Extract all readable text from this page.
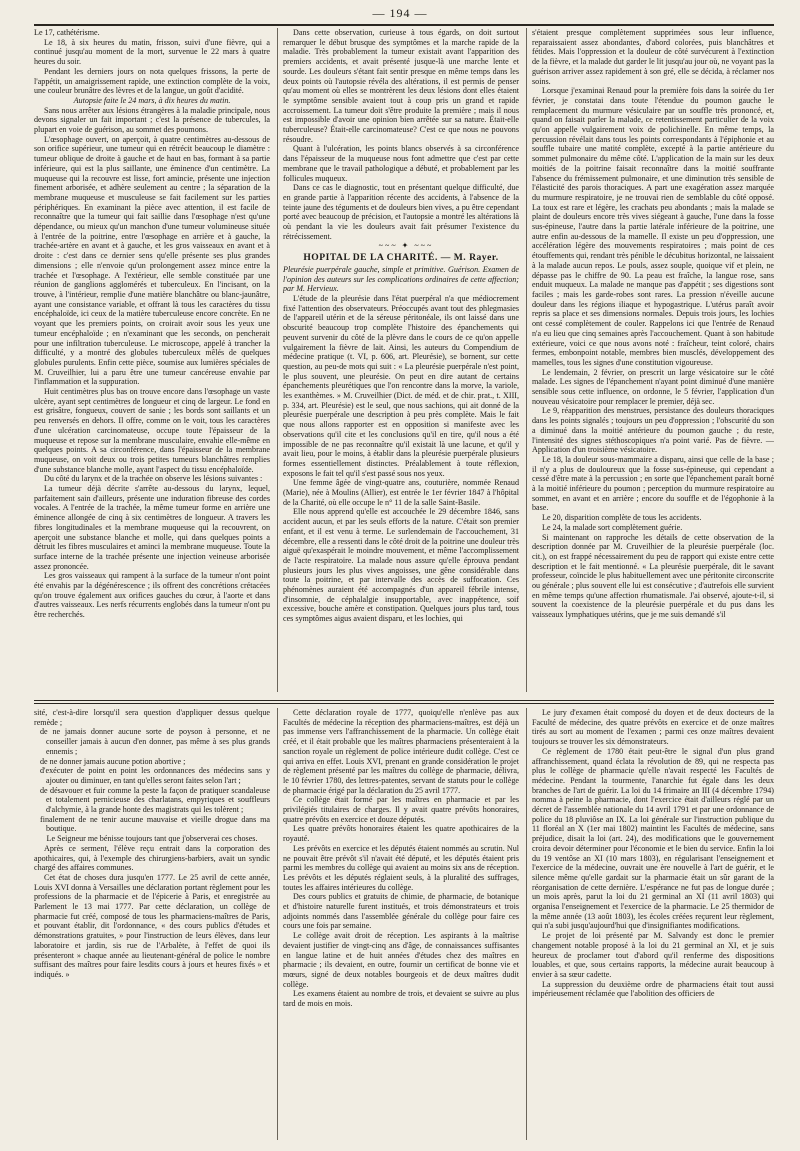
— 194 —

Le 17, cathétérisme.

Le 18, à six heures du matin, frisson, suivi d'une fièvre, qui a continué jusqu'au moment de la mort, survenue le 22 mars à quatre heures du soir.

Pendant les derniers jours on nota quelques frissons, la perte de l'appétit, un amaigrissement rapide, une extinction complète de la voix, une couleur brunâtre des lèvres et de la langue, un goût d'acidité.

Autopsie faite le 24 mars, à dix heures du matin.

Sans nous arrêter aux lésions étrangères à la maladie principale, nous devons signaler un fait important ; c'est la présence de tubercules, la plupart en voie de guérison, au sommet des poumons.

L'œsophage ouvert, on aperçoit, à quatre centimètres au-dessous de son orifice supérieur, une tumeur qui en rétrécit beaucoup le diamètre : tumeur oblique de droite à gauche et de haut en bas, formant à sa partie inférieure, qui est la plus saillante, une éminence d'un centimètre. La muqueuse qui la recouvre est lisse, fort amincie, présente une injection finement arborisée, et adhère seulement au centre ; la séparation de la membrane muqueuse et musculeuse se fait facilement sur les parties périphériques. En examinant la pièce avec attention, il est facile de reconnaître que la tumeur qui fait saillie dans l'œsophage n'est qu'une dépendance, ou mieux qu'un manchon d'une tumeur volumineuse située à l'entrée de la poitrine, entre l'œsophage en arrière et à gauche, la trachée-artère en avant et à gauche, et les gros vaisseaux en avant et à droite : c'est dans ce dernier sens qu'elle présente ses plus grandes dimensions ; elle n'envoie qu'un prolongement assez mince entre la trachée et l'œsophage. A l'extérieur, elle semble constituée par une réunion de ganglions agglomérés et tuberculeux. En l'incisant, on la trouve, à l'intérieur, remplie d'une matière blanchâtre ou blanc-jaunâtre, ayant une consistance variable, et offrant là tous les caractères du tissu encéphaloïde, ici ceux de la matière tuberculeuse encore concrète. En ne voyant que les premiers points, on croirait avoir sous les yeux une tumeur encéphaloïde ; en n'examinant que les seconds, on pencherait pour une infiltration tuberculeuse. Le microscope, appelé à trancher la difficulté, y a montré des globules tuberculeux mêlés de quelques globules purulents. Enfin cette pièce, soumise aux lumières spéciales de M. Cruveilhier, lui a paru être une tumeur cancéreuse envahie par l'inflammation et la suppuration.

Huit centimètres plus bas on trouve encore dans l'œsophage un vaste ulcère, ayant sept centimètres de longueur et cinq de largeur. Le fond en est grisâtre, fongueux, couvert de sanie ; les bords sont saillants et un peu renversés en dehors. Il offre, comme on le voit, tous les caractères d'une ulcération carcinomateuse, occupe toute l'épaisseur de la muqueuse et repose sur la membrane musculaire, envahie elle-même en quelques points. A sa circonférence, dans l'épaisseur de la membrane muqueuse, on voit deux ou trois petites tumeurs blanchâtres remplies d'une substance blanche molle, ayant l'aspect du tissu encéphaloïde.

Du côté du larynx et de la trachée on observe les lésions suivantes :

La tumeur déjà décrite s'arrête au-dessous du larynx, lequel, parfaitement sain d'ailleurs, présente une induration fibreuse des cordes vocales. A l'entrée de la trachée, la même tumeur forme en arrière une éminence allongée de cinq à six centimètres de longueur. A travers les fibres longitudinales et la membrane muqueuse qui la recouvrent, on aperçoit une substance blanche et molle, qui dans quelques points a détruit les fibres musculaires et aminci la membrane muqueuse. Toute la surface interne de la trachée présente une injection veineuse arborisée assez prononcée.

Les gros vaisseaux qui rampent à la surface de la tumeur n'ont point été envahis par la dégénérescence ; ils offrent des concrétions crétacées qu'on trouve également aux orifices gauches du cœur, à l'aorte et dans d'autres vaisseaux. Les nerfs récurrents englobés dans la tumeur n'ont pu être recherchés.

Dans cette observation, curieuse à tous égards, on doit surtout remarquer le début brusque des symptômes et la marche rapide de la maladie. Très probablement la tumeur existait avant l'apparition des premiers accidents, et avait présenté jusque-là une marche lente et sourde. Les douleurs s'étant fait sentir presque en même temps dans les deux points où l'autopsie révéla des altérations, il est permis de penser qu'au moment où elles se montrèrent les deux lésions dont elles étaient le symptôme sensible avaient tout à coup pris un grand et rapide accroissement. La tumeur doit s'être produite la première ; mais il nous est impossible d'avoir une opinion bien arrêtée sur sa nature. Était-elle tuberculeuse? Était-elle carcinomateuse? C'est ce que nous ne pouvons résoudre.

Quant à l'ulcération, les points blancs observés à sa circonférence dans l'épaisseur de la muqueuse nous font admettre que c'est par cette membrane que le travail pathologique a débuté, et probablement par les follicules muqueux.

Dans ce cas le diagnostic, tout en présentant quelque difficulté, due en grande partie à l'apparition récente des accidents, à l'absence de la teinte jaune des téguments et de douleurs bien vives, a pu être cependant porté avec beaucoup de précision, et l'autopsie a montré les altérations là où pendant la vie les douleurs avait fait présumer l'existence du rétrécissement.

~~~ ✦ ~~~

HOPITAL DE LA CHARITÉ. — M. Rayer.

Pleurésie puerpérale gauche, simple et primitive. Guérison. Examen de l'opinion des auteurs sur les complications ordinaires de cette affection; par M. Hervieux.

L'étude de la pleurésie dans l'état puerpéral n'a que médiocrement fixé l'attention des observateurs. Préoccupés avant tout des phlegmasies de l'appareil utérin et de la séreuse péritonéale, ils ont laissé dans une obscurité beaucoup trop complète l'histoire des épanchements qui peuvent survenir du côté de la plèvre dans le cours de ce qu'on appelle vulgairement la fièvre de lait. Ainsi, les auteurs du Compendium de médecine pratique (t. VI, p. 606, art. Pleurésie), se bornent, sur cette question, au peu-de mots qui suit : « La pleurésie puerpérale n'est point, le plus souvent, une pleurésie. On peut en dire autant de certains épanchements pleurétiques que l'on rencontre dans la morve, la variole, les exanthèmes. » M. Cruveilhier (Dict. de méd. et de chir. prat., t. XIII, p. 334, art. Pleurésie) est le seul, que nous sachions, qui ait donné de la pleurésie puerpérale une description à peu près complète. Mais le fait que nous allons rapporter est en opposition si manifeste avec les observations qu'il cite et les conclusions qu'il en tire, qu'il nous a été impossible de ne pas reconnaître qu'il existait là une lacune, et qu'il y avait lieu, pour le moins, à établir dans la pleurésie puerpérale plusieurs formes essentiellement distinctes. Préalablement à toute réflexion, exposons le fait tel qu'il s'est passé sous nos yeux.

Une femme âgée de vingt-quatre ans, couturière, nommée Renaud (Marie), née à Moulins (Allier), est entrée le 1er février 1847 à l'hôpital de la Charité, où elle occupe le n° 11 de la salle Saint-Basile.

Elle nous apprend qu'elle est accouchée le 29 décembre 1846, sans accident aucun, et par les seuls efforts de la nature. C'était son premier enfant, et il est venu à terme. Le surlendemain de l'accouchement, 31 décembre, elle a ressenti dans le côté droit de la poitrine une douleur très aiguë qu'exaspérait le moindre mouvement, et même l'accomplissement de l'acte respiratoire. La malade nous assure qu'elle éprouva pendant plusieurs jours les plus vives angoisses, une gêne considérable dans toute la poitrine, et par intervalle des accès de suffocation. Ces phénomènes auraient été accompagnés d'un appareil fébrile intense, d'insomnie, de céphalalgie insupportable, avec inappétence, soif excessive, bouche amère et constipation. Quelques jours plus tard, tous ces symptômes aigus avaient disparu, et les lochies, qui

s'étaient presque complètement supprimées sous leur influence, reparaissaient assez abondantes, d'abord colorées, puis blanchâtres et fétides. Mais l'oppression et la douleur de côté survécurent à l'extinction de la fièvre, et la malade dut garder le lit jusqu'au jour où, ne voyant pas la guérison arriver assez rapidement à son gré, elle se décida, à réclamer nos soins.

Lorsque j'examinai Renaud pour la première fois dans la soirée du 1er février, je constatai dans toute l'étendue du poumon gauche le remplacement du murmure vésiculaire par un souffle très prononcé, et, quand on faisait parler la malade, ce retentissement particulier de la voix qu'on appelle vulgairement voix de polichinelle. En même temps, la percussion révélait dans tous les points correspondants à l'épiphonie et au souffle tubaire une matité complète, excepté à la partie antérieure du sommet pulmonaire du même côté. L'application de la main sur les deux moitiés de la poitrine faisait reconnaître dans la moitié souffrante l'absence du frémissement pulmonaire, et une diminution très sensible de l'élasticité des parois thoraciques. A part une exagération assez marquée du murmure respiratoire, je ne trouvai rien de semblable du côté opposé. La toux est rare et légère, les crachats peu abondants ; mais la malade se plaint de douleurs encore très vives siégeant à gauche, l'une dans la fosse sus-épineuse, l'autre dans la partie latérale inférieure de la poitrine, une autre enfin au-dessous de la mamelle. Il existe un peu d'oppression, une accélération légère des mouvements respiratoires ; mais point de ces étouffements qui, rendant très pénible le décubitus horizontal, ne laissaient à la malade aucun repos. Le pouls, assez souple, quoique vif et plein, ne dépasse pas le chiffre de 90. La peau est fraîche, la langue rose, sans enduit muqueux. La malade ne manque pas d'appétit ; ses digestions sont faciles ; mais les garde-robes sont rares. La pression n'éveille aucune douleur dans les régions iliaque et hypogastrique. L'utérus paraît avoir repris sa place et ses dimensions normales. Depuis trois jours, les lochies ont cessé complètement de couler. Rappelons ici que l'entrée de Renaud n'a eu lieu que cinq semaines après l'accouchement. Quant à son habitude extérieure, voici ce que nous avons noté : fraîcheur, teint coloré, chairs fermes, embonpoint notable, membres bien musclés, développement des mamelles, tous les signes d'une constitution vigoureuse.

Le lendemain, 2 février, on prescrit un large vésicatoire sur le côté malade. Les signes de l'épanchement n'ayant point diminué d'une manière sensible sous cette influence, on ordonne, le 5 février, l'application d'un nouveau vésicatoire pour remplacer le premier, déjà sec.

Le 9, réapparition des menstrues, persistance des douleurs thoraciques dans les points signalés ; toujours un peu d'oppression ; l'obscurité du son a diminué dans la moitié antérieure du poumon gauche ; du reste, l'intensité des signes stéthoscopiques n'a point varié. Pas de fièvre. — Application d'un troisième vésicatoire.

Le 18, la douleur sous-mammaire a disparu, ainsi que celle de la base ; il n'y a plus de douloureux que la fosse sus-épineuse, qui cependant a cessé d'être mate à la percussion ; en sorte que l'épanchement paraît borné à la moitié inférieure du poumon ; perception du murmure respiratoire au sommet, en avant et en arrière ; encore du souffle et de l'égophonie à la base.

Le 20, disparition complète de tous les accidents.

Le 24, la malade sort complètement guérie.

Si maintenant on rapproche les détails de cette observation de la description donnée par M. Cruveilhier de la pleurésie puerpérale (loc. cit.), on est frappé nécessairement du peu de rapport qui existe entre cette description et le fait mentionné. « La pleurésie puerpérale, dit le savant professeur, coïncide le plus habituellement avec une péritonite circonscrite ou générale ; plus souvent elle lui est consécutive ; d'autrefois elle survient en même temps qu'une affection rhumatismale. J'ai observé, ajoute-t-il, si souvent la coexistence de la pleurésie puerpérale et du pus dans les vaisseaux lymphatiques utérins, que je me suis demandé s'il

sité, c'est-à-dire lorsqu'il sera question d'appliquer dessus quelque remède ;

de ne jamais donner aucune sorte de poyson à personne, et ne conseiller jamais à aucun d'en donner, pas même à ses plus grands ennemis ;

de ne donner jamais aucune potion abortive ;

d'exécuter de point en point les ordonnances des médecins sans y ajouter ou diminuer, en tant qu'elles seront faites selon l'art ;

de désavouer et fuir comme la peste la façon de pratiquer scandaleuse et totalement pernicieuse des charlatans, empyriques et souffleurs d'alchymie, à la grande honte des magistrats qui les tolèrent ;

finalement de ne tenir aucune mauvaise et vieille drogue dans ma boutique.

Le Seigneur me bénisse toujours tant que j'observerai ces choses.

Après ce serment, l'élève reçu entrait dans la corporation des apothicaires, qui, à l'exemple des chirurgiens-barbiers, avait un syndic chargé des affaires communes.

Cet état de choses dura jusqu'en 1777. Le 25 avril de cette année, Louis XVI donna à Versailles une déclaration portant règlement pour les professions de la pharmacie et de l'épicerie à Paris, et enregistrée au Parlement le 13 mai 1777. Par cette déclaration, un collège de pharmacie fut créé, composé de tous les pharmaciens-maîtres de Paris, et pouvant établir, dit l'ordonnance, « des cours publics d'études et démonstrations gratuites, » pour l'instruction de leurs élèves, dans leur laboratoire et jardin, sis rue de l'Arbalète, à l'effet de quoi ils présenteront » chaque année au lieutenant-général de police le nombre suffisant des maîtres pour faire lesdits cours à jours et heures fixés » et indiqués. »

Cette déclaration royale de 1777, quoiqu'elle n'enlève pas aux Facultés de médecine la réception des pharmaciens-maîtres, est déjà un pas immense vers l'affranchissement de la pharmacie. Un collège était créé, et il était probable que les maîtres pharmaciens présenteraient à la sanction royale un règlement de police intérieure dudit collège. C'est ce qui arriva en effet. Louis XVI, prenant en grande considération le projet de règlement présenté par les maîtres du collège de pharmacie, délivra, le 10 février 1780, des lettres-patentes, servant de statuts pour le collège de pharmacie érigé par la déclaration du 25 avril 1777.

Ce collège était formé par les maîtres en pharmacie et par les privilégiés titulaires de charges. Il y avait quatre prévôts honoraires, quatre prévôts en exercice et douze députés.

Les quatre prévôts honoraires étaient les quatre apothicaires de la royauté.

Les prévôts en exercice et les députés étaient nommés au scrutin. Nul ne pouvait être prévôt s'il n'avait été député, et les députés étaient pris parmi les membres du collège qui avaient au moins six ans de réception. Les prévôts et les députés réglaient seuls, à la pluralité des suffrages, toutes les affaires intérieures du collège.

Des cours publics et gratuits de chimie, de pharmacie, de botanique et d'histoire naturelle furent institués, et trois démonstrateurs et trois adjoints nommés dans l'assemblée générale du collège pour faire ces cours une fois par semaine.

Le collège avait droit de réception. Les aspirants à la maîtrise devaient justifier de vingt-cinq ans d'âge, de connaissances suffisantes en langue latine et de huit années d'études chez des maîtres en pharmacie ; ils devaient, en outre, fournir un certificat de bonne vie et mœurs, signé de deux notables bourgeois et de deux maîtres dudit collège.

Les examens étaient au nombre de trois, et devaient se suivre au plus tard de mois en mois.

Le jury d'examen était composé du doyen et de deux docteurs de la Faculté de médecine, des quatre prévôts en exercice et de onze maîtres tirés au sort au moment de l'examen ; parmi ces onze maîtres devaient toujours se trouver les six démonstrateurs.

Ce règlement de 1780 était peut-être le signal d'un plus grand affranchissement, quand éclata la révolution de 89, qui ne respecta pas plus le collège de pharmacie qu'elle n'avait respecté les Facultés de médecine. Pendant la tourmente, l'anarchie fut égale dans les deux branches de l'art de guérir. La loi du 14 frimaire an III (4 décembre 1794) nomma à peine la pharmacie, dont l'exercice était d'ailleurs réglé par un décret de l'assemblée nationale du 14 avril 1791 et par une ordonnance de police du 18 pluviôse an IX. La loi générale sur l'instruction publique du 11 floréal an X (1er mai 1802) maintint les Facultés de médecine, sans préjudice, disait la loi (art. 24), des modifications que le gouvernement croira devoir déterminer pour l'économie et le bien du service. Enfin la loi du 19 ventôse an XI (10 mars 1803), en régularisant l'enseignement et l'exercice de la médecine, ouvrait une ère nouvelle à l'art de guérir, et le silence même qu'elle gardait sur la pharmacie était un sûr garant de la réorganisation de cette dernière. L'espérance ne fut pas de longue durée ; un mois après, parut la loi du 21 germinal an XI (11 avril 1803) qui organisa l'enseignement et l'exercice de la pharmacie. Le 25 thermidor de la même année (13 août 1803), les écoles créées reçurent leur règlement, qui n'a subi jusqu'aujourd'hui que d'insignifiantes modifications.

Le projet de loi présenté par M. Salvandy est donc le premier changement notable proposé à la loi du 21 germinal an XI, et je suis heureux de proclamer tout d'abord qu'il renferme des dispositions louables, et que, sous certains rapports, la médecine aurait beaucoup à envier à sa sœur cadette.

La suppression du deuxième ordre de pharmaciens était tout aussi impérieusement réclamée que l'abolition des officiers de
